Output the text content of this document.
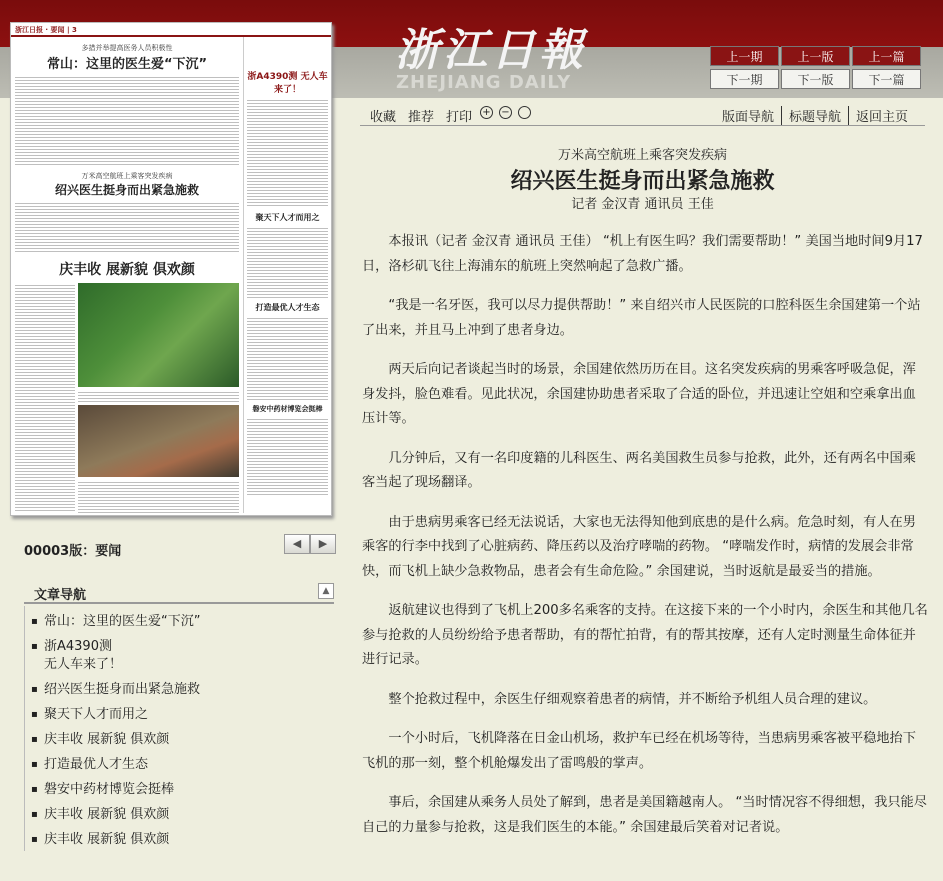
浙江日報
ZHEJIANG DAILY
上一期	上一版	上一篇
下一期	下一版	下一篇
浙江日报 · 要闻 | 3
多措并举提高医务人员积极性
常山：这里的医生爱“下沉”
万米高空航班上乘客突发疾病
绍兴医生挺身而出紧急施救
庆丰收 展新貌 俱欢颜
浙A4390测 无人车来了！
聚天下人才而用之
打造最优人才生态
磐安中药材博览会挺棒
00003版：要闻
◀	▶
文章导航	▲
▪ 常山：这里的医生爱“下沉”
▪ 浙A4390测
无人车来了！
▪ 绍兴医生挺身而出紧急施救
▪ 聚天下人才而用之
▪ 庆丰收 展新貌 俱欢颜
▪ 打造最优人才生态
▪ 磐安中药材博览会挺棒
▪ 庆丰收 展新貌 俱欢颜
▪ 庆丰收 展新貌 俱欢颜
收藏 推荐 打印 + −	版面导航	标题导航	返回主页
万米高空航班上乘客突发疾病
绍兴医生挺身而出紧急施救
记者 金汉青 通讯员 王佳

本报讯（记者 金汉青 通讯员 王佳） “机上有医生吗？我们需要帮助！” 美国当地时间9月17日，洛杉矶飞往上海浦东的航班上突然响起了急救广播。

“我是一名牙医，我可以尽力提供帮助！” 来自绍兴市人民医院的口腔科医生余国建第一个站了出来，并且马上冲到了患者身边。

两天后向记者谈起当时的场景，余国建依然历历在目。这名突发疾病的男乘客呼吸急促，浑身发抖，脸色难看。见此状况，余国建协助患者采取了合适的卧位，并迅速让空姐和空乘拿出血压计等。

几分钟后，又有一名印度籍的儿科医生、两名美国救生员参与抢救，此外，还有两名中国乘客当起了现场翻译。

由于患病男乘客已经无法说话，大家也无法得知他到底患的是什么病。危急时刻，有人在男乘客的行李中找到了心脏病药、降压药以及治疗哮喘的药物。 “哮喘发作时，病情的发展会非常快，而飞机上缺少急救物品，患者会有生命危险。” 余国建说，当时返航是最妥当的措施。

返航建议也得到了飞机上200多名乘客的支持。在这接下来的一个小时内，余医生和其他几名参与抢救的人员纷纷给予患者帮助，有的帮忙拍背，有的帮其按摩，还有人定时测量生命体征并进行记录。

整个抢救过程中，余医生仔细观察着患者的病情，并不断给予机组人员合理的建议。

一个小时后，飞机降落在日金山机场，救护车已经在机场等待，当患病男乘客被平稳地抬下飞机的那一刻，整个机舱爆发出了雷鸣般的掌声。

事后，余国建从乘务人员处了解到，患者是美国籍越南人。 “当时情况容不得细想，我只能尽自己的力量参与抢救，这是我们医生的本能。” 余国建最后笑着对记者说。
